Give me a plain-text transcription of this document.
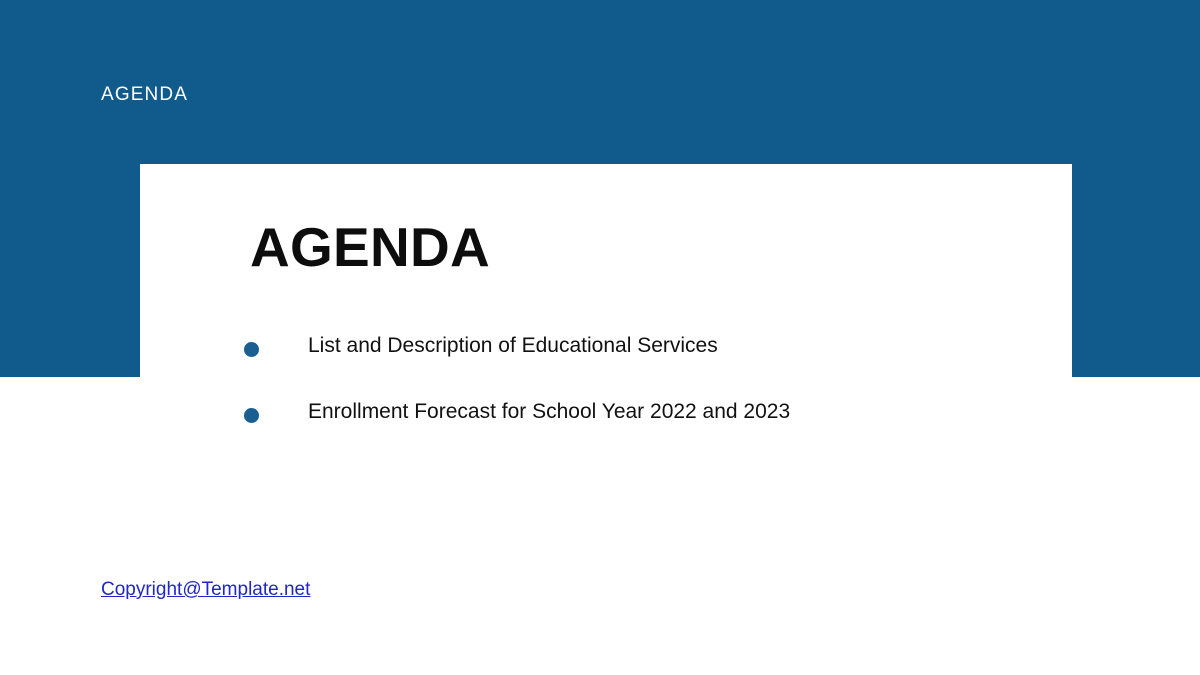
AGENDA
AGENDA
List and Description of Educational Services
Enrollment Forecast for School Year 2022 and 2023
Copyright@Template.net
